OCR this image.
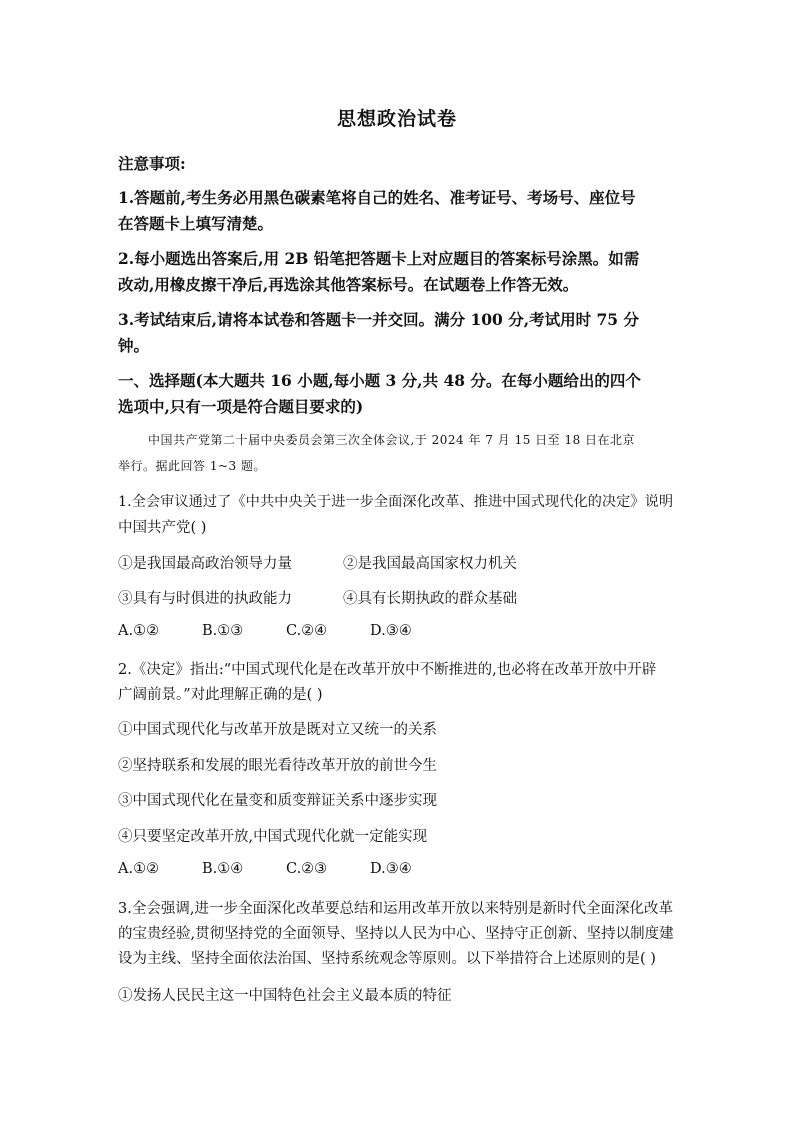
思想政治试卷
注意事项:
1.答题前,考生务必用黑色碳素笔将自己的姓名、准考证号、考场号、座位号
在答题卡上填写清楚。
2.每小题选出答案后,用 2B 铅笔把答题卡上对应题目的答案标号涂黑。如需
改动,用橡皮擦干净后,再选涂其他答案标号。在试题卷上作答无效。
3.考试结束后,请将本试卷和答题卡一并交回。满分 100 分,考试用时 75 分
钟。
一、选择题(本大题共 16 小题,每小题 3 分,共 48 分。在每小题给出的四个
选项中,只有一项是符合题目要求的)
中国共产党第二十届中央委员会第三次全体会议,于 2024 年 7 月 15 日至 18 日在北京
举行。据此回答 1~3 题。
1.全会审议通过了《中共中央关于进一步全面深化改革、推进中国式现代化的决定》说明
中国共产党( )
①是我国最高政治领导力量	②是我国最高国家权力机关
③具有与时俱进的执政能力	④具有长期执政的群众基础
A.①②	B.①③	C.②④	D.③④
2.《决定》指出:“中国式现代化是在改革开放中不断推进的,也必将在改革开放中开辟
广阔前景。”对此理解正确的是( )
①中国式现代化与改革开放是既对立又统一的关系
②坚持联系和发展的眼光看待改革开放的前世今生
③中国式现代化在量变和质变辩证关系中逐步实现
④只要坚定改革开放,中国式现代化就一定能实现
A.①②	B.①④	C.②③	D.③④
3.全会强调,进一步全面深化改革要总结和运用改革开放以来特别是新时代全面深化改革
的宝贵经验,贯彻坚持党的全面领导、坚持以人民为中心、坚持守正创新、坚持以制度建
设为主线、坚持全面依法治国、坚持系统观念等原则。以下举措符合上述原则的是( )
①发扬人民民主这一中国特色社会主义最本质的特征
